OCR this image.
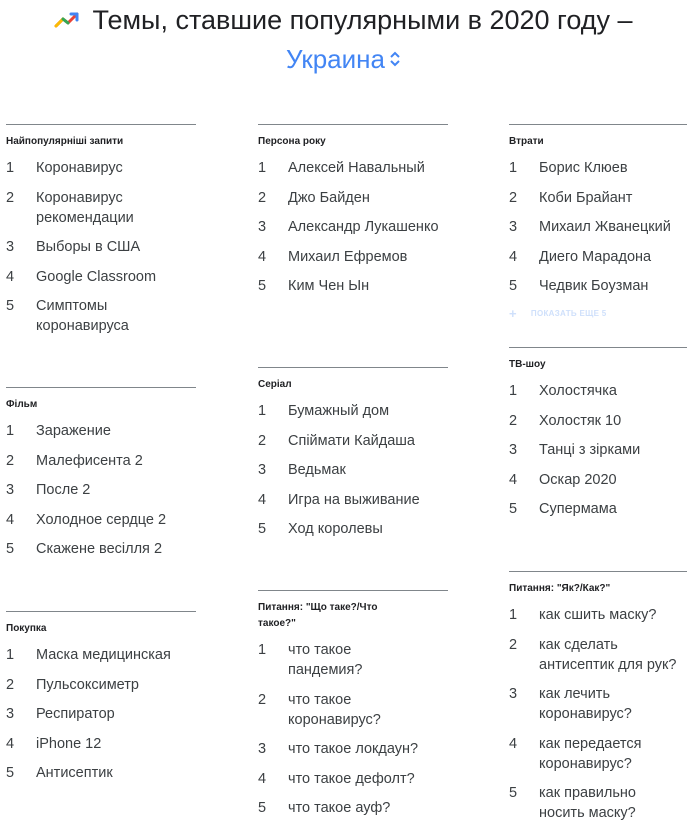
Темы, ставшие популярными в 2020 году –
Украина
Найпопулярніші запити
1	Коронавирус
2	Коронавирус рекомендации
3	Выборы в США
4	Google Classroom
5	Симптомы коронавируса
Фільм
1	Заражение
2	Малефисента 2
3	После 2
4	Холодное сердце 2
5	Скажене весілля 2
Покупка
1	Маска медицинская
2	Пульсоксиметр
3	Респиратор
4	iPhone 12
5	Антисептик
Персона року
1	Алексей Навальный
2	Джо Байден
3	Александр Лукашенко
4	Михаил Ефремов
5	Ким Чен Ын
Серіал
1	Бумажный дом
2	Спіймати Кайдаша
3	Ведьмак
4	Игра на выживание
5	Ход королевы
Питання: "Що таке?/Что такое?"
1	что такое пандемия?
2	что такое коронавирус?
3	что такое локдаун?
4	что такое дефолт?
5	что такое ауф?
Втрати
1	Борис Клюев
2	Коби Брайант
3	Михаил Жванецкий
4	Диего Марадона
5	Чедвик Боузман
+ ПОКАЗАТЬ ЕЩЕ 5
ТВ-шоу
1	Холостячка
2	Холостяк 10
3	Танці з зірками
4	Оскар 2020
5	Супермама
Питання: "Як?/Как?"
1	как сшить маску?
2	как сделать антисептик для рук?
3	как лечить коронавирус?
4	как передается коронавирус?
5	как правильно носить маску?
